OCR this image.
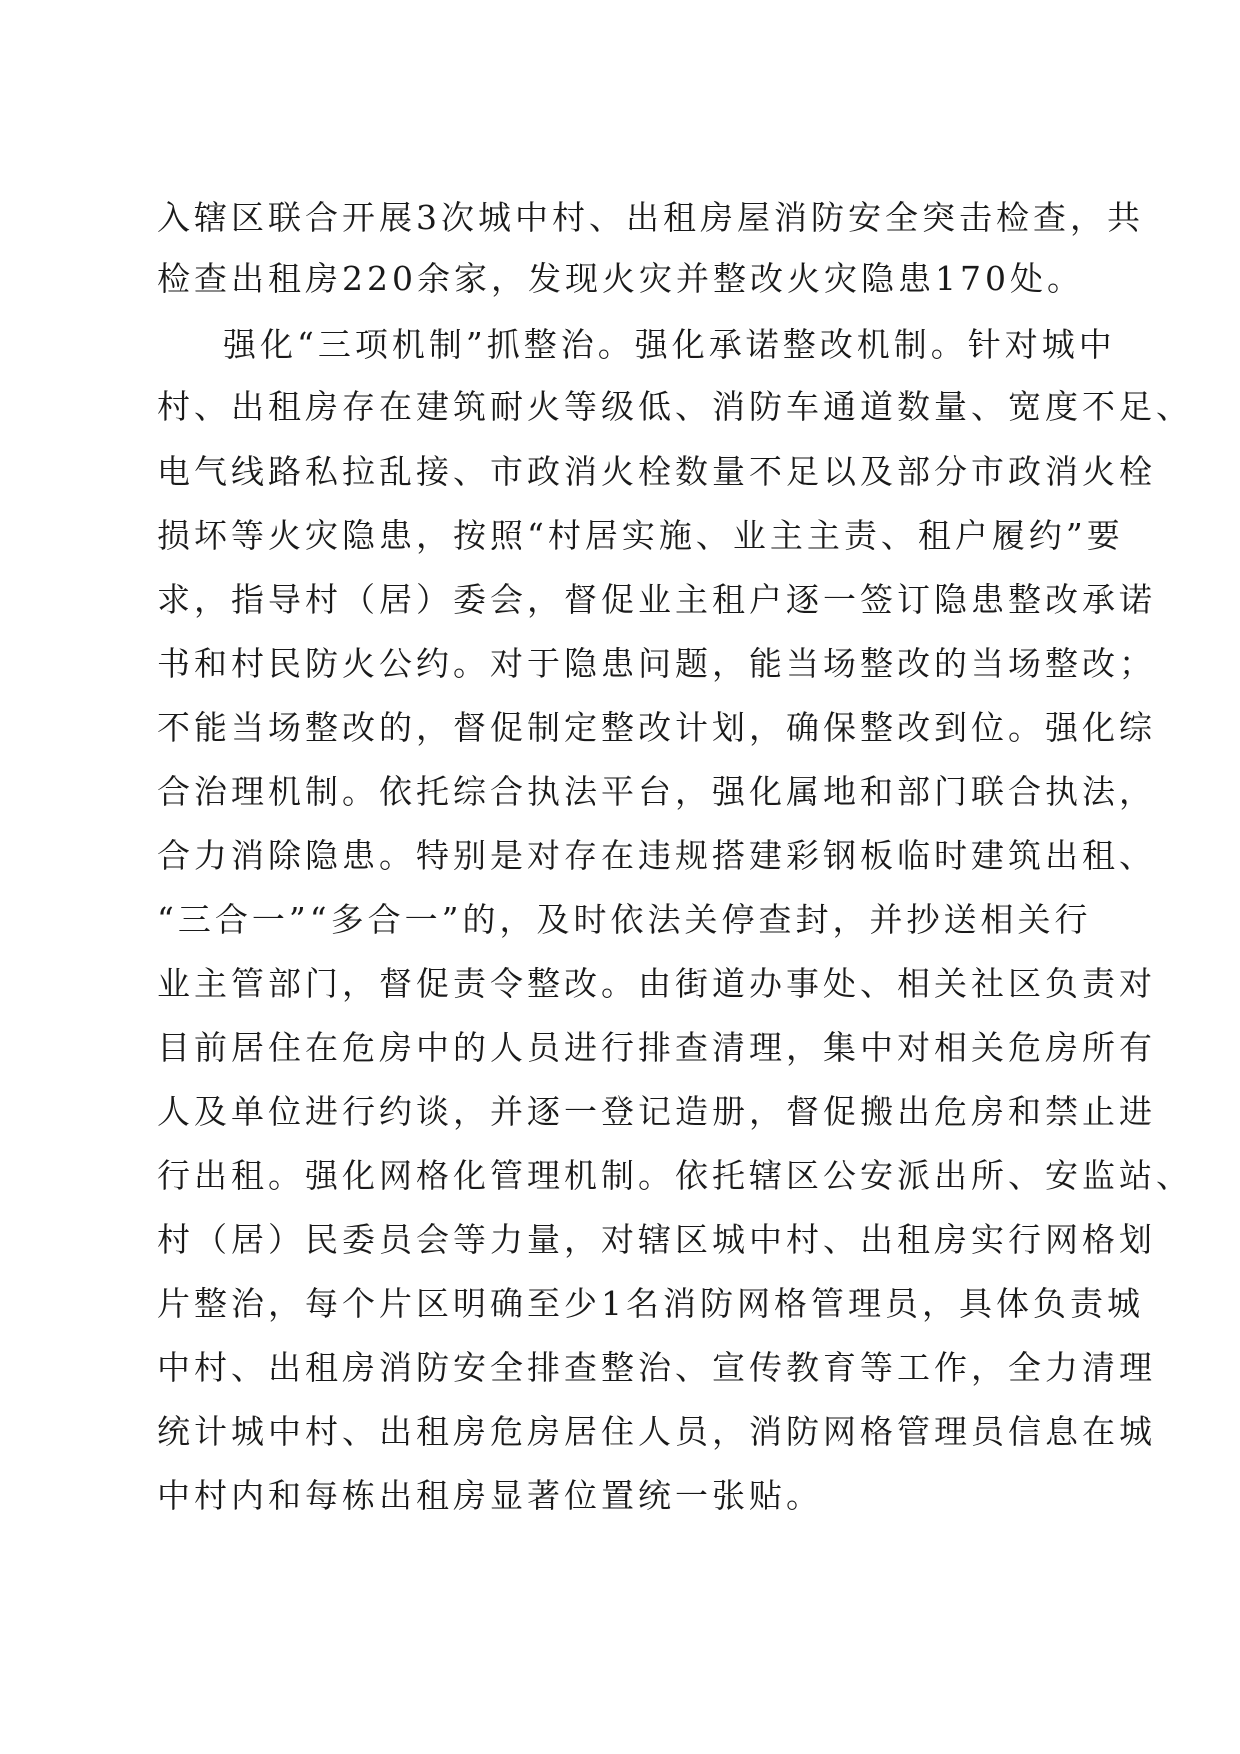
入辖区联合开展3次城中村、出租房屋消防安全突击检查，共
检查出租房220余家，发现火灾并整改火灾隐患170处。
强化“三项机制”抓整治。强化承诺整改机制。针对城中
村、出租房存在建筑耐火等级低、消防车通道数量、宽度不足、
电气线路私拉乱接、市政消火栓数量不足以及部分市政消火栓
损坏等火灾隐患，按照“村居实施、业主主责、租户履约”要
求，指导村（居）委会，督促业主租户逐一签订隐患整改承诺
书和村民防火公约。对于隐患问题，能当场整改的当场整改；
不能当场整改的，督促制定整改计划，确保整改到位。强化综
合治理机制。依托综合执法平台，强化属地和部门联合执法，
合力消除隐患。特别是对存在违规搭建彩钢板临时建筑出租、
“三合一”“多合一”的，及时依法关停查封，并抄送相关行
业主管部门，督促责令整改。由街道办事处、相关社区负责对
目前居住在危房中的人员进行排查清理，集中对相关危房所有
人及单位进行约谈，并逐一登记造册，督促搬出危房和禁止进
行出租。强化网格化管理机制。依托辖区公安派出所、安监站、
村（居）民委员会等力量，对辖区城中村、出租房实行网格划
片整治，每个片区明确至少1名消防网格管理员，具体负责城
中村、出租房消防安全排查整治、宣传教育等工作，全力清理
统计城中村、出租房危房居住人员，消防网格管理员信息在城
中村内和每栋出租房显著位置统一张贴。
